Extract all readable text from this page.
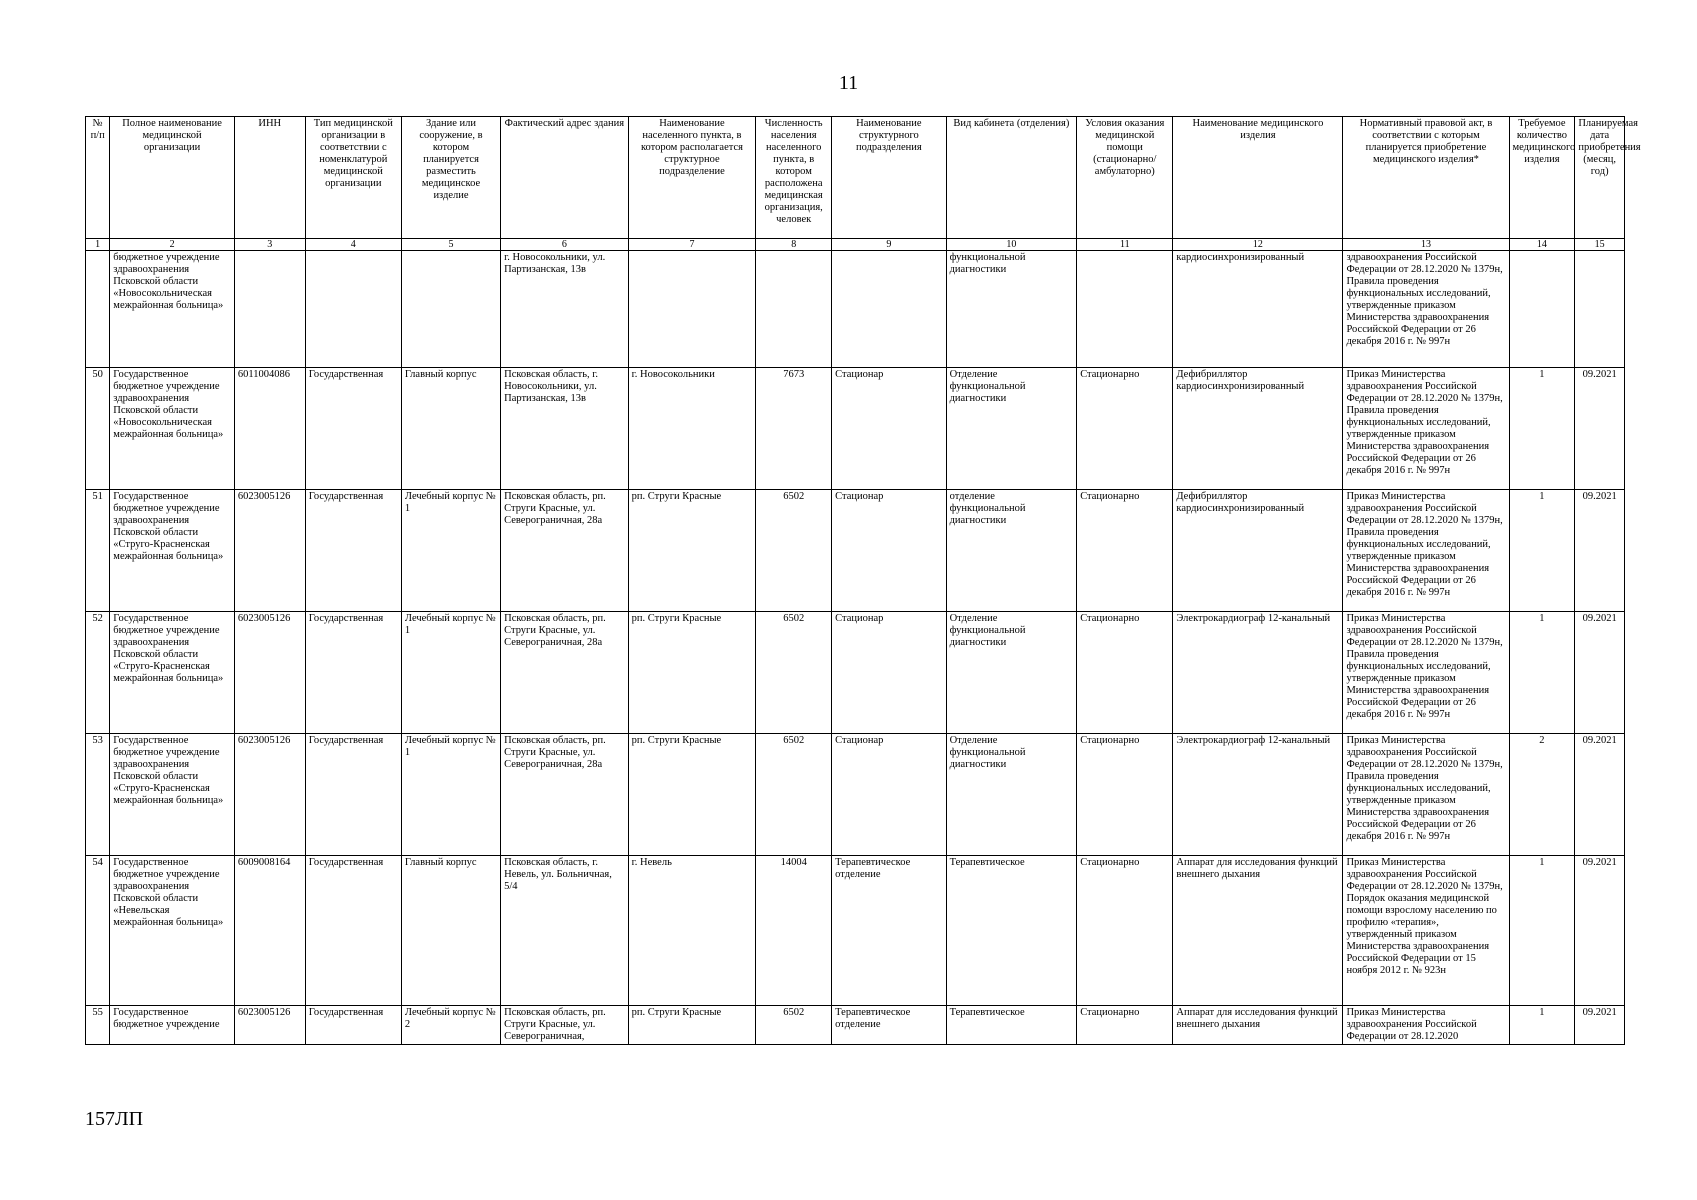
11
№ п/п	Полное наименование медицинской организации	ИНН	Тип медицинской организации в соответствии с номенклатурой медицинской организации	Здание или сооружение, в котором планируется разместить медицинское изделие	Фактический адрес здания	Наименование населенного пункта, в котором располагается структурное подразделение	Численность населения населенного пункта, в котором расположена медицинская организация, человек	Наименование структурного подразделения	Вид кабинета (отделения)	Условия оказания медицинской помощи (стационарно/ амбулаторно)	Наименование медицинского изделия	Нормативный правовой акт, в соответствии с которым планируется приобретение медицинского изделия*	Требуемое количество медицинского изделия	Планируемая дата приобретения (месяц, год)
1	2	3	4	5	6	7	8	9	10	11	12	13	14	15
	бюджетное учреждение здравоохранения Псковской области «Новосокольническая межрайонная больница»				г. Новосокольники, ул. Партизанская, 13в				функциональной диагностики		кардиосинхронизированный	здравоохранения Российской Федерации от 28.12.2020 № 1379н, Правила проведения функциональных исследований, утвержденные приказом Министерства здравоохранения Российской Федерации от 26 декабря 2016 г. № 997н		
50	Государственное бюджетное учреждение здравоохранения Псковской области «Новосокольническая межрайонная больница»	6011004086	Государственная	Главный корпус	Псковская область, г. Новосокольники, ул. Партизанская, 13в	г. Новосокольники	7673	Стационар	Отделение функциональной диагностики	Стационарно	Дефибриллятор кардиосинхронизированный	Приказ Министерства здравоохранения Российской Федерации от 28.12.2020 № 1379н, Правила проведения функциональных исследований, утвержденные приказом Министерства здравоохранения Российской Федерации от 26 декабря 2016 г. № 997н	1	09.2021
51	Государственное бюджетное учреждение здравоохранения Псковской области «Струго-Красненская межрайонная больница»	6023005126	Государственная	Лечебный корпус № 1	Псковская область, рп. Струги Красные, ул. Северограничная, 28а	рп. Струги Красные	6502	Стационар	отделение функциональной диагностики	Стационарно	Дефибриллятор кардиосинхронизированный	Приказ Министерства здравоохранения Российской Федерации от 28.12.2020 № 1379н, Правила проведения функциональных исследований, утвержденные приказом Министерства здравоохранения Российской Федерации от 26 декабря 2016 г. № 997н	1	09.2021
52	Государственное бюджетное учреждение здравоохранения Псковской области «Струго-Красненская межрайонная больница»	6023005126	Государственная	Лечебный корпус № 1	Псковская область, рп. Струги Красные, ул. Северограничная, 28а	рп. Струги Красные	6502	Стационар	Отделение функциональной диагностики	Стационарно	Электрокардиограф 12-канальный	Приказ Министерства здравоохранения Российской Федерации от 28.12.2020 № 1379н, Правила проведения функциональных исследований, утвержденные приказом Министерства здравоохранения Российской Федерации от 26 декабря 2016 г. № 997н	1	09.2021
53	Государственное бюджетное учреждение здравоохранения Псковской области «Струго-Красненская межрайонная больница»	6023005126	Государственная	Лечебный корпус № 1	Псковская область, рп. Струги Красные, ул. Северограничная, 28а	рп. Струги Красные	6502	Стационар	Отделение функциональной диагностики	Стационарно	Электрокардиограф 12-канальный	Приказ Министерства здравоохранения Российской Федерации от 28.12.2020 № 1379н, Правила проведения функциональных исследований, утвержденные приказом Министерства здравоохранения Российской Федерации от 26 декабря 2016 г. № 997н	2	09.2021
54	Государственное бюджетное учреждение здравоохранения Псковской области «Невельская межрайонная больница»	6009008164	Государственная	Главный корпус	Псковская область, г. Невель, ул. Больничная, 5/4	г. Невель	14004	Терапевтическое отделение	Терапевтическое	Стационарно	Аппарат для исследования функций внешнего дыхания	Приказ Министерства здравоохранения Российской Федерации от 28.12.2020 № 1379н, Порядок оказания медицинской помощи взрослому населению по профилю «терапия», утвержденный приказом Министерства здравоохранения Российской Федерации от 15 ноября 2012 г. № 923н	1	09.2021
55	Государственное бюджетное учреждение	6023005126	Государственная	Лечебный корпус № 2	Псковская область, рп. Струги Красные, ул. Северограничная,	рп. Струги Красные	6502	Терапевтическое отделение	Терапевтическое	Стационарно	Аппарат для исследования функций внешнего дыхания	Приказ Министерства здравоохранения Российской Федерации от 28.12.2020	1	09.2021
157ЛП
